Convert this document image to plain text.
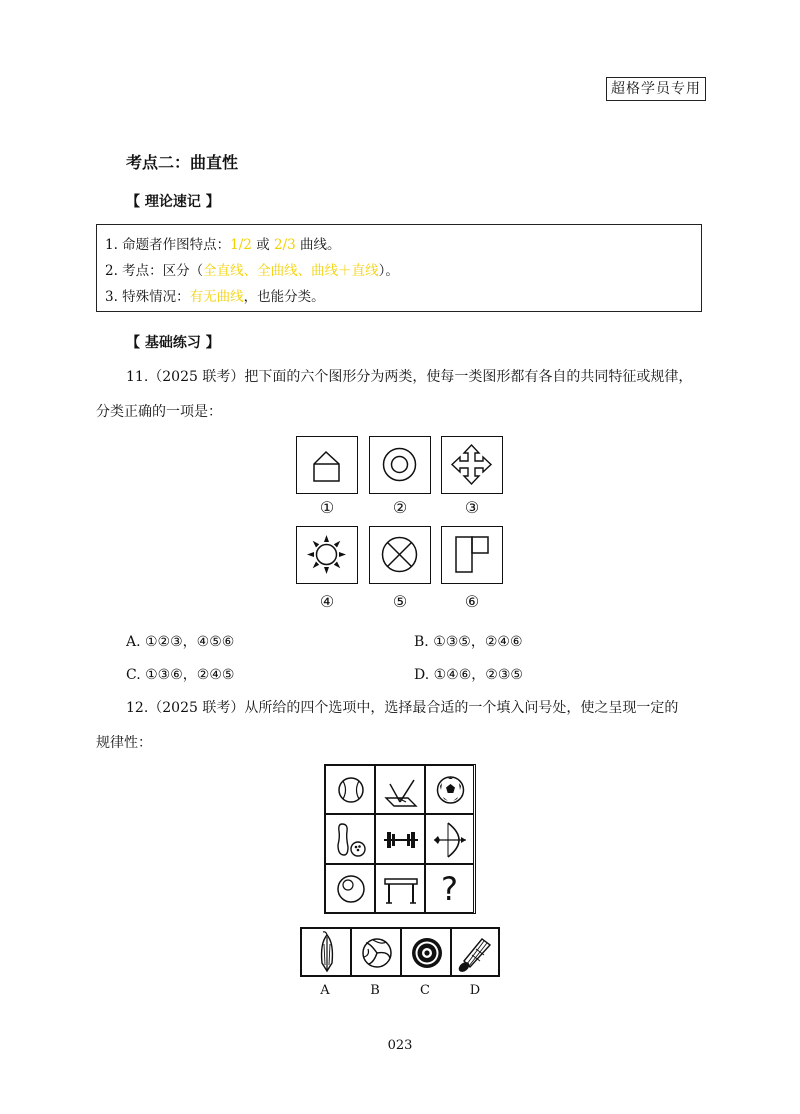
超格学员专用
考点二：曲直性
【 理论速记 】
1. 命题者作图特点：1/2 或 2/3 曲线。
2. 考点：区分（全直线、全曲线、曲线＋直线）。
3. 特殊情况：有无曲线，也能分类。
【 基础练习 】
11.（2025 联考）把下面的六个图形分为两类，使每一类图形都有各自的共同特征或规律，
分类正确的一项是：
①	②	③
④	⑤	⑥
A. ①②③，④⑤⑥	B. ①③⑤，②④⑥
C. ①③⑥，②④⑤	D. ①④⑥，②③⑤
12.（2025 联考）从所给的四个选项中，选择最合适的一个填入问号处，使之呈现一定的
规律性：
?
A	B	C	D
023
